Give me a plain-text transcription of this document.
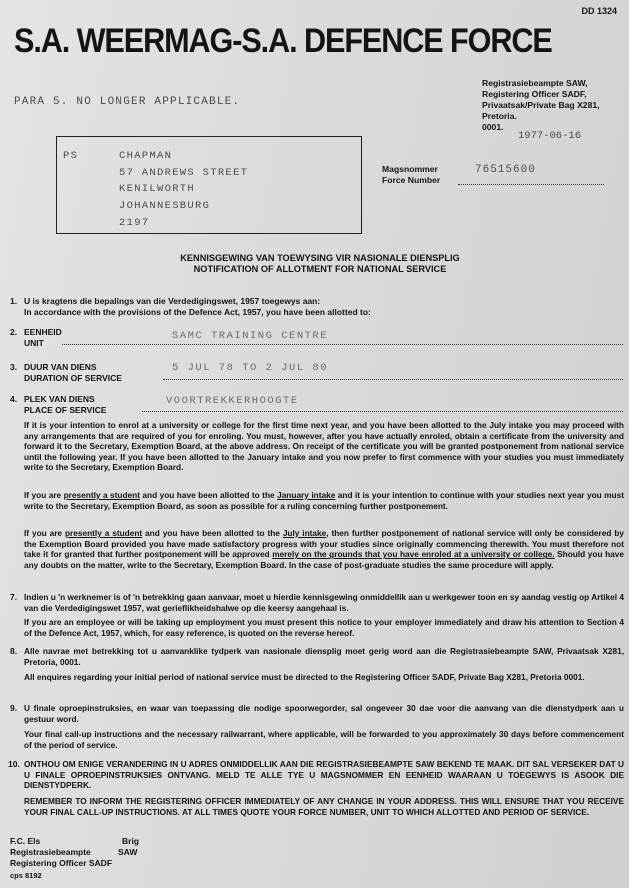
DD 1324
S.A. WEERMAG-S.A. DEFENCE FORCE
Registrasiebeampte SAW,
Registering Officer SADF,
Privaatsak/Private Bag X281,
Pretoria.
0001.
PARA 5. NO LONGER APPLICABLE.
1977-06-16
PS	CHAPMAN
57 ANDREWS STREET
KENILWORTH
JOHANNESBURG
2197
Magsnommer
Force Number
76515600
KENNISGEWING VAN TOEWYSING VIR NASIONALE DIENSPLIG
NOTIFICATION OF ALLOTMENT FOR NATIONAL SERVICE
1. U is kragtens die bepalings van die Verdedigingswet, 1957 toegewys aan:
In accordance with the provisions of the Defence Act, 1957, you have been allotted to:
2. EENHEID
UNIT
SAMC TRAINING CENTRE
3. DUUR VAN DIENS
DURATION OF SERVICE
5 JUL 78 TO 2 JUL 80
4. PLEK VAN DIENS
PLACE OF SERVICE
VOORTREKKERHOOGTE
If it is your intention to enrol at a university or college for the first time next year, and you have been allotted to the July intake you may proceed with any arrangements that are required of you for enroling. You must, however, after you have actually enroled, obtain a certificate from the university and forward it to the Secretary, Exemption Board, at the above address. On receipt of the certificate you will be granted postponement from national service until the following year. If you have been allotted to the January intake and you now prefer to first commence with your studies you must immediately write to the Secretary, Exemption Board.
If you are presently a student and you have been allotted to the January intake and it is your intention to continue with your studies next year you must write to the Secretary, Exemption Board, as soon as possible for a ruling concerning further postponement.
If you are presently a student and you have been allotted to the July intake, then further postponement of national service will only be considered by the Exemption Board provided you have made satisfactory progress with your studies since originally commencing therewith. You must therefore not take it for granted that further postponement will be approved merely on the grounds that you have enroled at a university or college. Should you have any doubts on the matter, write to the Secretary, Exemption Board. In the case of post-graduate studies the same procedure will apply.
7. Indien u 'n werknemer is of 'n betrekking gaan aanvaar, moet u hierdie kennisgewing onmiddellik aan u werkgewer toon en sy aandag vestig op Artikel 4 van die Verdedigingswet 1957, wat gerieflikheidshalwe op die keersy aangehaal is.
If you are an employee or will be taking up employment you must present this notice to your employer immediately and draw his attention to Section 4 of the Defence Act, 1957, which, for easy reference, is quoted on the reverse hereof.
8. Alle navrae met betrekking tot u aanvanklike tydperk van nasionale diensplig moet gerig word aan die Registrasiebeampte SAW, Privaatsak X281, Pretoria, 0001.
All enquires regarding your initial period of national service must be directed to the Registering Officer SADF, Private Bag X281, Pretoria 0001.
9. U finale oproepinstruksies, en waar van toepassing die nodige spoorwegorder, sal ongeveer 30 dae voor die aanvang van die dienstydperk aan u gestuur word.
Your final call-up instructions and the necessary railwarrant, where applicable, will be forwarded to you approximately 30 days before commencement of the period of service.
10. ONTHOU OM ENIGE VERANDERING IN U ADRES ONMIDDELLIK AAN DIE REGISTRASIEBEAMPTE SAW BEKEND TE MAAK. DIT SAL VERSEKER DAT U U FINALE OPROEPINSTRUKSIES ONTVANG. MELD TE ALLE TYE U MAGSNOMMER EN EENHEID WAARAAN U TOEGEWYS IS ASOOK DIE DIENSTYDPERK.
REMEMBER TO INFORM THE REGISTERING OFFICER IMMEDIATELY OF ANY CHANGE IN YOUR ADDRESS. THIS WILL ENSURE THAT YOU RECEIVE YOUR FINAL CALL-UP INSTRUCTIONS. AT ALL TIMES QUOTE YOUR FORCE NUMBER, UNIT TO WHICH ALLOTTED AND PERIOD OF SERVICE.
F.C. Els	Brig
Registrasiebeampte	SAW
Registering Officer SADF
cps 8192
